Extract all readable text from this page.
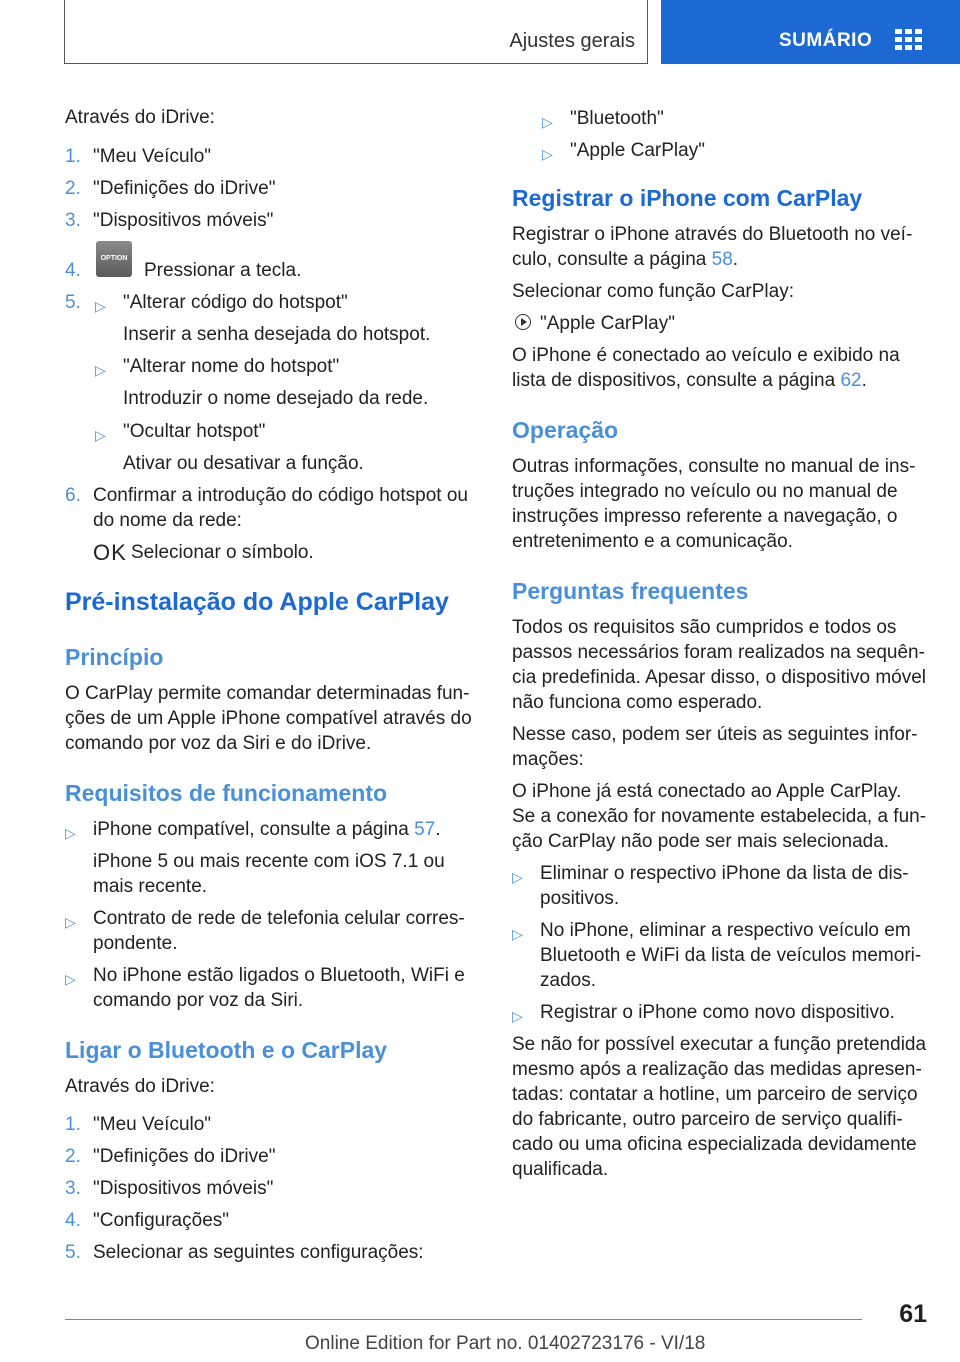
Ajustes gerais	SUMÁRIO
Através do iDrive:
1. "Meu Veículo"
2. "Definições do iDrive"
3. "Dispositivos móveis"
4.
OPTION
Pressionar a tecla.
5. ▷ "Alterar código do hotspot"
Inserir a senha desejada do hotspot.
▷ "Alterar nome do hotspot"
Introduzir o nome desejado da rede.
▷ "Ocultar hotspot"
Ativar ou desativar a função.
6. Confirmar a introdução do código hotspot ou
do nome da rede:
OK Selecionar o símbolo.
Pré-instalação do Apple CarPlay
Princípio
O CarPlay permite comandar determinadas fun-
ções de um Apple iPhone compatível através do
comando por voz da Siri e do iDrive.
Requisitos de funcionamento
▷ iPhone compatível, consulte a página 57.
iPhone 5 ou mais recente com iOS 7.1 ou
mais recente.
▷ Contrato de rede de telefonia celular corres-
pondente.
▷ No iPhone estão ligados o Bluetooth, WiFi e
comando por voz da Siri.
Ligar o Bluetooth e o CarPlay
Através do iDrive:
1. "Meu Veículo"
2. "Definições do iDrive"
3. "Dispositivos móveis"
4. "Configurações"
5. Selecionar as seguintes configurações:
▷ "Bluetooth"
▷ "Apple CarPlay"
Registrar o iPhone com CarPlay
Registrar o iPhone através do Bluetooth no veí-
culo, consulte a página 58.
Selecionar como função CarPlay:
"Apple CarPlay"
O iPhone é conectado ao veículo e exibido na
lista de dispositivos, consulte a página 62.
Operação
Outras informações, consulte no manual de ins-
truções integrado no veículo ou no manual de
instruções impresso referente a navegação, o
entretenimento e a comunicação.
Perguntas frequentes
Todos os requisitos são cumpridos e todos os
passos necessários foram realizados na sequên-
cia predefinida. Apesar disso, o dispositivo móvel
não funciona como esperado.
Nesse caso, podem ser úteis as seguintes infor-
mações:
O iPhone já está conectado ao Apple CarPlay.
Se a conexão for novamente estabelecida, a fun-
ção CarPlay não pode ser mais selecionada.
▷ Eliminar o respectivo iPhone da lista de dis-
positivos.
▷ No iPhone, eliminar a respectivo veículo em
Bluetooth e WiFi da lista de veículos memori-
zados.
▷ Registrar o iPhone como novo dispositivo.
Se não for possível executar a função pretendida
mesmo após a realização das medidas apresen-
tadas: contatar a hotline, um parceiro de serviço
do fabricante, outro parceiro de serviço qualifi-
cado ou uma oficina especializada devidamente
qualificada.
61
Online Edition for Part no. 01402723176 - VI/18
